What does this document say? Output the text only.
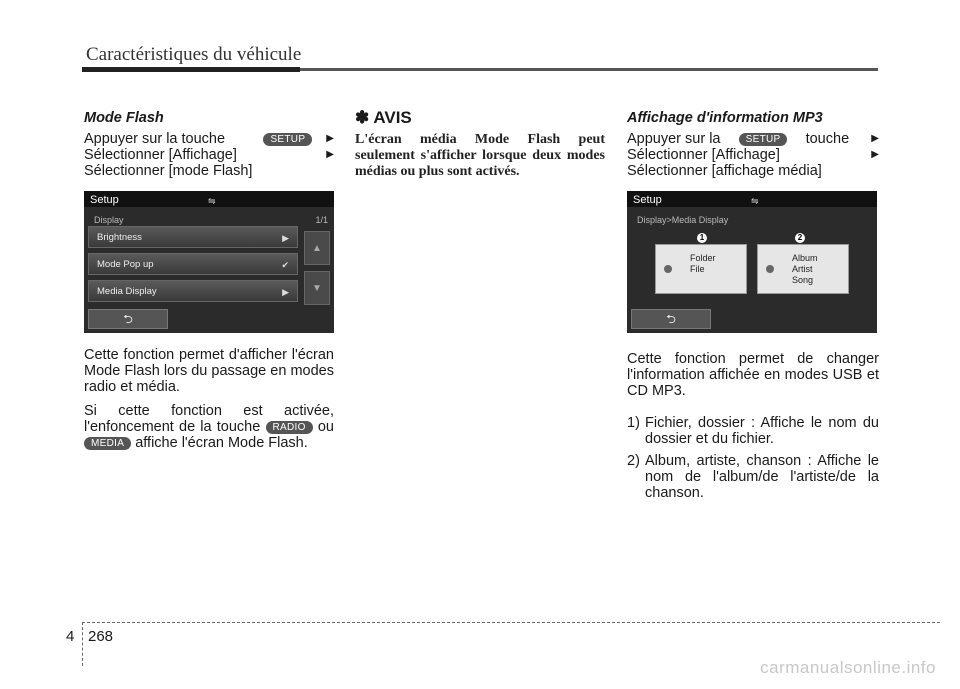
Caractéristiques du véhicule
Mode Flash
Appuyer sur la touche	SETUP	▶
Sélectionner [Affichage]	▶
Sélectionner [mode Flash]
Setup	⇋
Display	1/1
Brightness	▶
Mode Pop up	✔
Media Display	▶
▲
▼
⮌
Cette fonction permet d'afficher l'écran Mode Flash lors du passage en modes radio et média.
Si cette fonction est activée, l'enfoncement de la touche RADIO ou MEDIA affiche l'écran Mode Flash.
✽ AVIS
L'écran média Mode Flash peut seulement s'afficher lorsque deux modes médias ou plus sont activés.
Affichage d'information MP3
Appuyer sur la	SETUP	touche ▶
Sélectionner [Affichage]	▶
Sélectionner [affichage média]
Setup	⇋
Display>Media Display
1	2
Folder
File
Album
Artist
Song
⮌
Cette fonction permet de changer l'information affichée en modes USB et CD MP3.
1) Fichier, dossier : Affiche le nom du dossier et du fichier.
2) Album, artiste, chanson : Affiche le nom de l'album/de l'artiste/de la chanson.
4 268
carmanualsonline.info
